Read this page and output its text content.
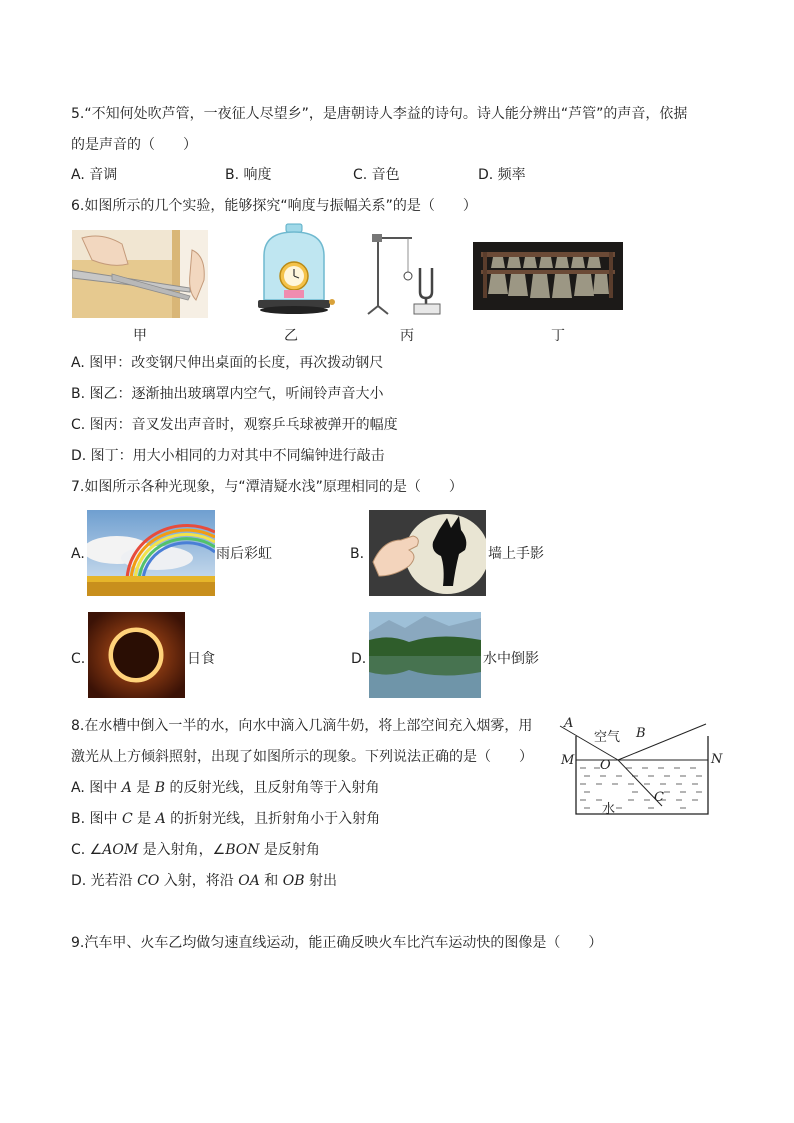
5.“不知何处吹芦管，一夜征人尽望乡”，是唐朝诗人李益的诗句。诗人能分辨出“芦管”的声音，依据
的是声音的（　　）
A. 音调	B. 响度	C. 音色	D. 频率
6.如图所示的几个实验，能够探究“响度与振幅关系”的是（　　）
甲	乙	丙	丁
A. 图甲：改变钢尺伸出桌面的长度，再次拨动钢尺
B. 图乙：逐渐抽出玻璃罩内空气，听闹铃声音大小
C. 图丙：音叉发出声音时，观察乒乓球被弹开的幅度
D. 图丁：用大小相同的力对其中不同编钟进行敲击
7.如图所示各种光现象，与“潭清疑水浅”原理相同的是（　　）
A.	雨后彩虹	B.	墙上手影
C.	日食	D.	水中倒影
8.在水槽中倒入一半的水，向水中滴入几滴牛奶，将上部空间充入烟雾，用
激光从上方倾斜照射，出现了如图所示的现象。下列说法正确的是（　　）
A. 图中 A 是 B 的反射光线，且反射角等于入射角
B. 图中 C 是 A 的折射光线，且折射角小于入射角
C. ∠AOM 是入射角，∠BON 是反射角
D. 光若沿 CO 入射，将沿 OA 和 OB 射出
A
空气 B
M	N
O
C
水
9.汽车甲、火车乙均做匀速直线运动，能正确反映火车比汽车运动快的图像是（　　）
